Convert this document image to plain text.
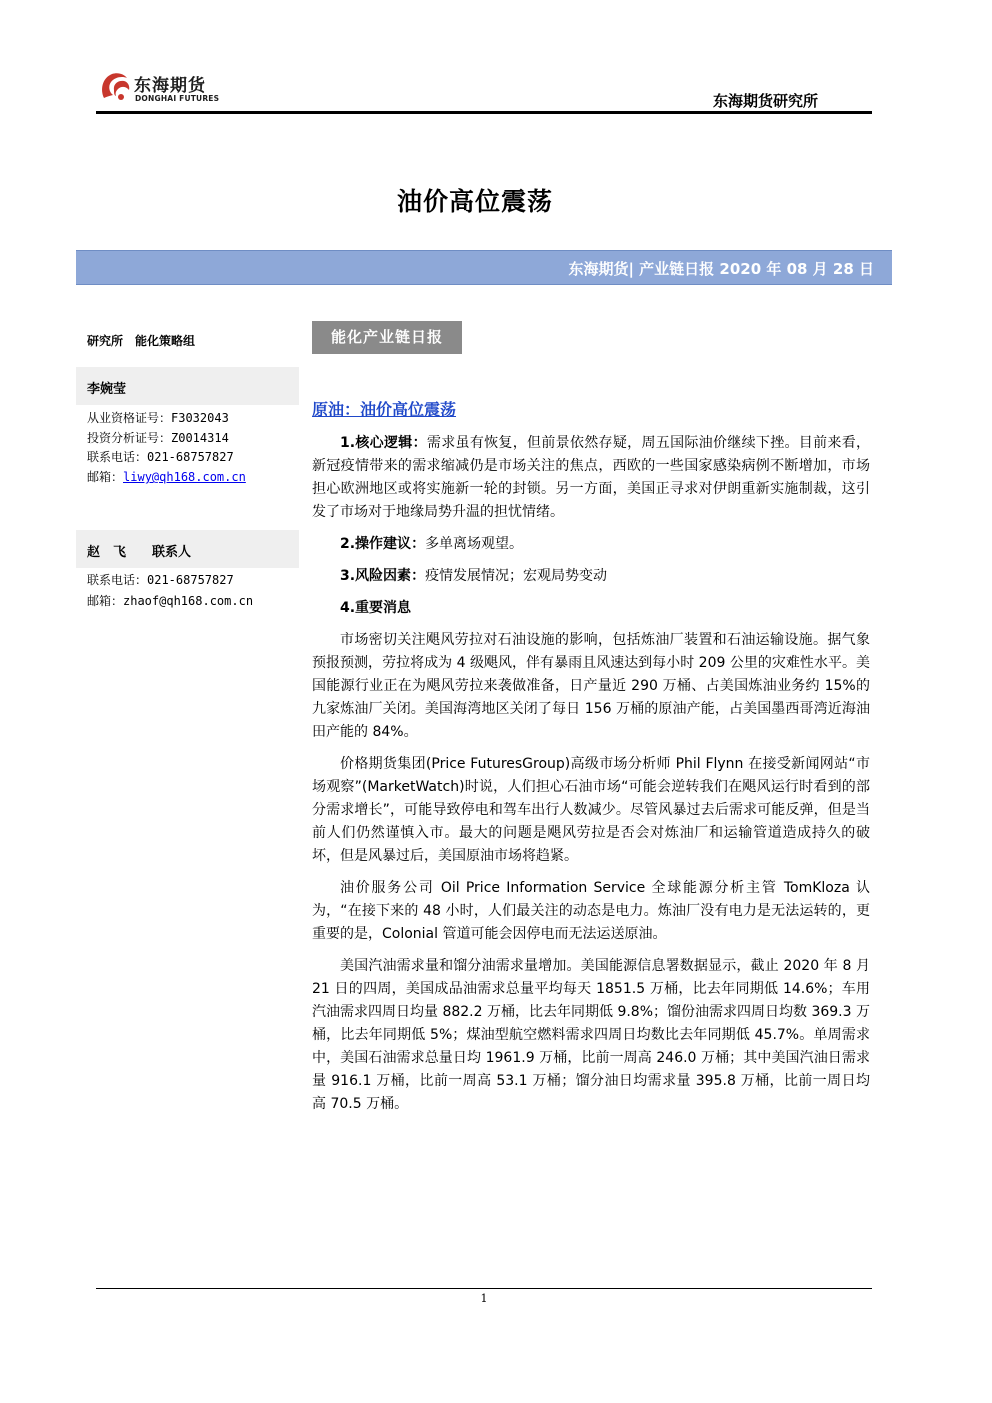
东海期货
DONGHAI FUTURES	东海期货研究所
油价高位震荡
东海期货| 产业链日报 2020 年 08 月 28 日
研究所　能化策略组
李婉莹
从业资格证号：F3032043
投资分析证号：Z0014314
联系电话：021-68757827
邮箱：liwy@qh168.com.cn
赵　飞　　联系人
联系电话：021-68757827
邮箱：zhaof@qh168.com.cn
能化产业链日报
原油：油价高位震荡

1.核心逻辑：需求虽有恢复，但前景依然存疑，周五国际油价继续下挫。目前来看，新冠疫情带来的需求缩减仍是市场关注的焦点，西欧的一些国家感染病例不断增加，市场担心欧洲地区或将实施新一轮的封锁。另一方面，美国正寻求对伊朗重新实施制裁，这引发了市场对于地缘局势升温的担忧情绪。

2.操作建议：多单离场观望。

3.风险因素：疫情发展情况；宏观局势变动

4.重要消息

市场密切关注飓风劳拉对石油设施的影响，包括炼油厂装置和石油运输设施。据气象预报预测，劳拉将成为 4 级飓风，伴有暴雨且风速达到每小时 209 公里的灾难性水平。美国能源行业正在为飓风劳拉来袭做准备，日产量近 290 万桶、占美国炼油业务约 15%的九家炼油厂关闭。美国海湾地区关闭了每日 156 万桶的原油产能，占美国墨西哥湾近海油田产能的 84%。

价格期货集团(Price FuturesGroup)高级市场分析师 Phil Flynn 在接受新闻网站“市场观察”(MarketWatch)时说，人们担心石油市场“可能会逆转我们在飓风运行时看到的部分需求增长”，可能导致停电和驾车出行人数减少。尽管风暴过去后需求可能反弹，但是当前人们仍然谨慎入市。最大的问题是飓风劳拉是否会对炼油厂和运输管道造成持久的破坏，但是风暴过后，美国原油市场将趋紧。

油价服务公司 Oil Price Information Service 全球能源分析主管 TomKloza 认为，“在接下来的 48 小时，人们最关注的动态是电力。炼油厂没有电力是无法运转的，更重要的是，Colonial 管道可能会因停电而无法运送原油。

美国汽油需求量和馏分油需求量增加。美国能源信息署数据显示，截止 2020 年 8 月 21 日的四周，美国成品油需求总量平均每天 1851.5 万桶，比去年同期低 14.6%；车用汽油需求四周日均量 882.2 万桶，比去年同期低 9.8%；馏份油需求四周日均数 369.3 万桶，比去年同期低 5%；煤油型航空燃料需求四周日均数比去年同期低 45.7%。单周需求中，美国石油需求总量日均 1961.9 万桶，比前一周高 246.0 万桶；其中美国汽油日需求量 916.1 万桶，比前一周高 53.1 万桶；馏分油日均需求量 395.8 万桶，比前一周日均高 70.5 万桶。

1
